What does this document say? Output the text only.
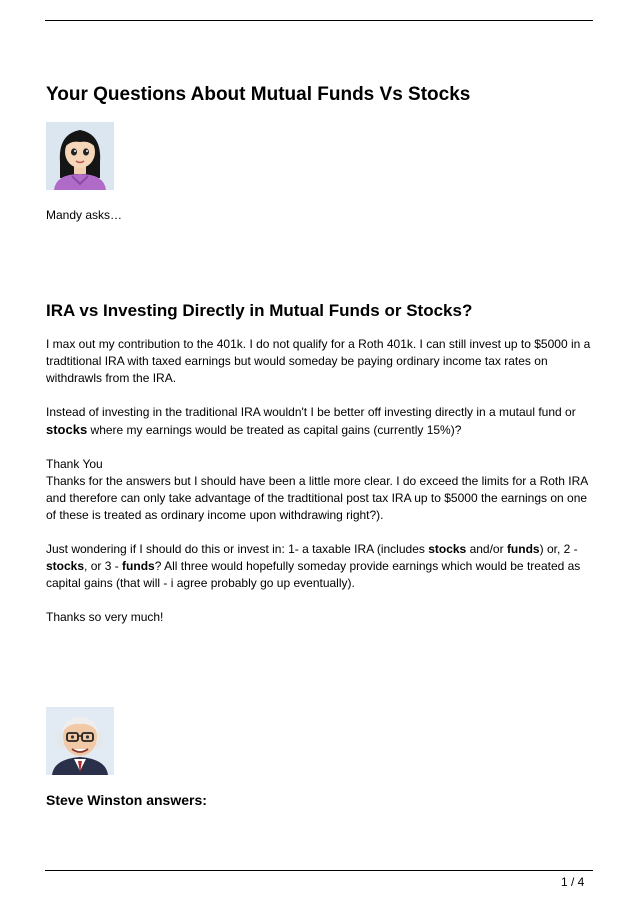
Your Questions About Mutual Funds Vs Stocks

Mandy asks…

IRA vs Investing Directly in Mutual Funds or Stocks?

I max out my contribution to the 401k. I do not qualify for a Roth 401k. I can still invest up to $5000 in a tradtitional IRA with taxed earnings but would someday be paying ordinary income tax rates on withdrawls from the IRA.

Instead of investing in the traditional IRA wouldn't I be better off investing directly in a mutaul fund or stocks where my earnings would be treated as capital gains (currently 15%)?

Thank You

Thanks for the answers but I should have been a little more clear. I do exceed the limits for a Roth IRA and therefore can only take advantage of the tradtitional post tax IRA up to $5000 the earnings on one of these is treated as ordinary income upon withdrawing right?).

Just wondering if I should do this or invest in: 1- a taxable IRA (includes stocks and/or funds) or, 2 - stocks, or 3 - funds? All three would hopefully someday provide earnings which would be treated as capital gains (that will - i agree probably go up eventually).

Thanks so very much!

Steve Winston answers:

1 / 4
